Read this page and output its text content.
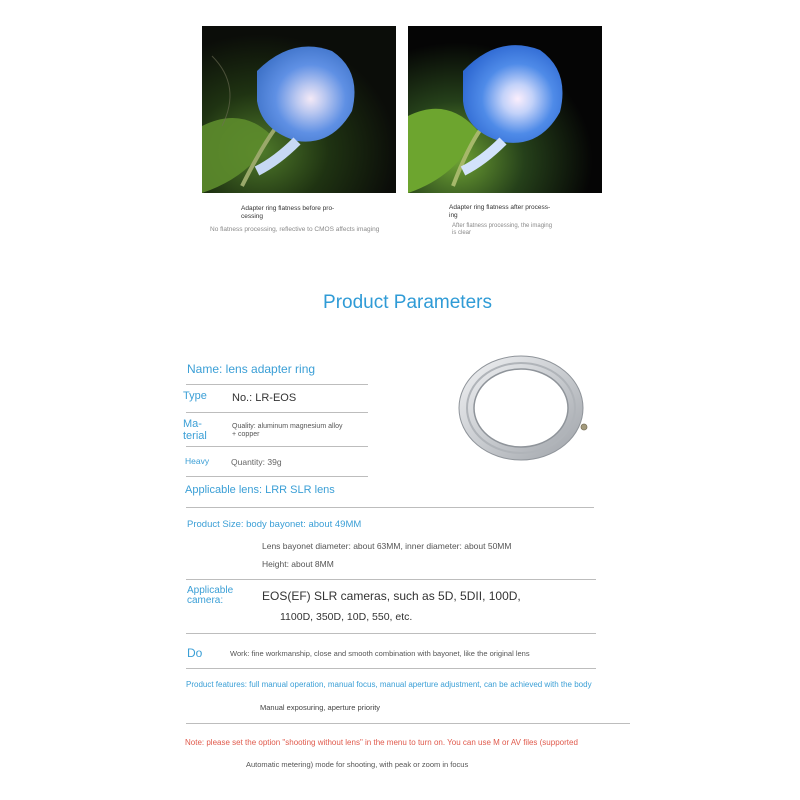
Adapter ring flatness before pro-
cessing
No flatness processing, reflective to CMOS affects imaging
Adapter ring flatness after process-
ing
After flatness processing, the imaging
is clear
Product Parameters
Name: lens adapter ring
Type No.: LR-EOS
Ma-
terial
Quality: aluminum magnesium alloy
+ copper
Heavy	Quantity: 39g
Applicable lens: LRR SLR lens
Product Size: body bayonet: about 49MM
Lens bayonet diameter: about 63MM, inner diameter: about 50MM
Height: about 8MM
Applicable
camera:	EOS(EF) SLR cameras, such as 5D, 5DII, 100D,
1100D, 350D, 10D, 550, etc.
Do	Work: fine workmanship, close and smooth combination with bayonet, like the original lens
Product features: full manual operation, manual focus, manual aperture adjustment, can be achieved with the body
Manual exposuring, aperture priority
Note: please set the option "shooting without lens" in the menu to turn on. You can use M or AV files (supported
Automatic metering) mode for shooting, with peak or zoom in focus
